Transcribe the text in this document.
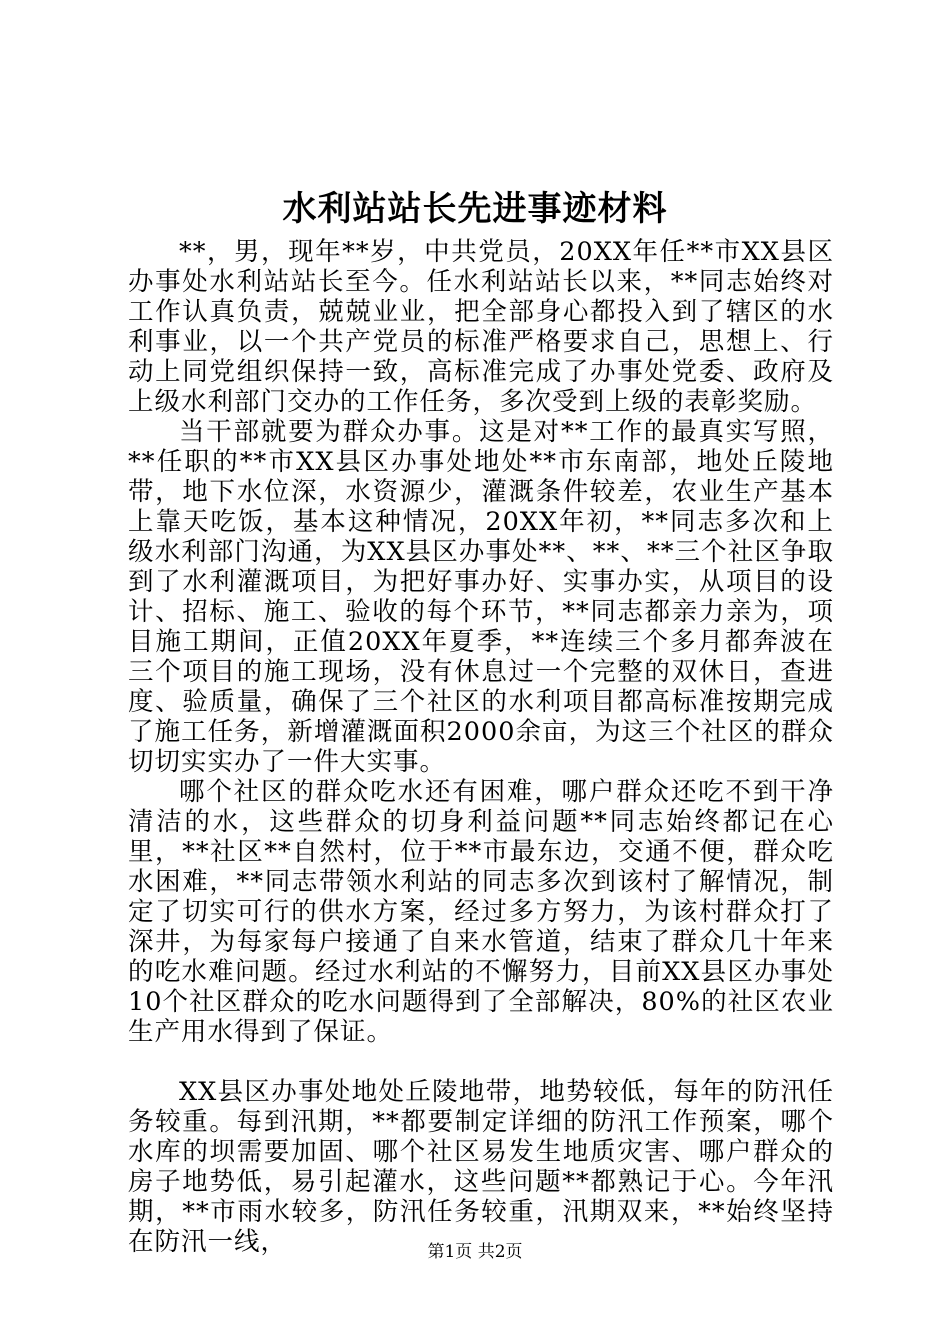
水利站站长先进事迹材料

**，男，现年**岁，中共党员，20XX年任**市XX县区办事处水利站站长至今。任水利站站长以来，**同志始终对工作认真负责，兢兢业业，把全部身心都投入到了辖区的水利事业，以一个共产党员的标准严格要求自己，思想上、行动上同党组织保持一致，高标准完成了办事处党委、政府及上级水利部门交办的工作任务，多次受到上级的表彰奖励。

当干部就要为群众办事。这是对**工作的最真实写照，**任职的**市XX县区办事处地处**市东南部，地处丘陵地带，地下水位深，水资源少，灌溉条件较差，农业生产基本上靠天吃饭，基本这种情况，20XX年初，**同志多次和上级水利部门沟通，为XX县区办事处**、**、**三个社区争取到了水利灌溉项目，为把好事办好、实事办实，从项目的设计、招标、施工、验收的每个环节，**同志都亲力亲为，项目施工期间，正值20XX年夏季，**连续三个多月都奔波在三个项目的施工现场，没有休息过一个完整的双休日，查进度、验质量，确保了三个社区的水利项目都高标准按期完成了施工任务，新增灌溉面积2000余亩，为这三个社区的群众切切实实办了一件大实事。

哪个社区的群众吃水还有困难，哪户群众还吃不到干净清洁的水，这些群众的切身利益问题**同志始终都记在心里，**社区**自然村，位于**市最东边，交通不便，群众吃水困难，**同志带领水利站的同志多次到该村了解情况，制定了切实可行的供水方案，经过多方努力，为该村群众打了深井，为每家每户接通了自来水管道，结束了群众几十年来的吃水难问题。经过水利站的不懈努力，目前XX县区办事处10个社区群众的吃水问题得到了全部解决，80%的社区农业生产用水得到了保证。

XX县区办事处地处丘陵地带，地势较低，每年的防汛任务较重。每到汛期，**都要制定详细的防汛工作预案，哪个水库的坝需要加固、哪个社区易发生地质灾害、哪户群众的房子地势低，易引起灌水，这些问题**都熟记于心。今年汛期，**市雨水较多，防汛任务较重，汛期双来，**始终坚持在防汛一线，	第1页 共2页
